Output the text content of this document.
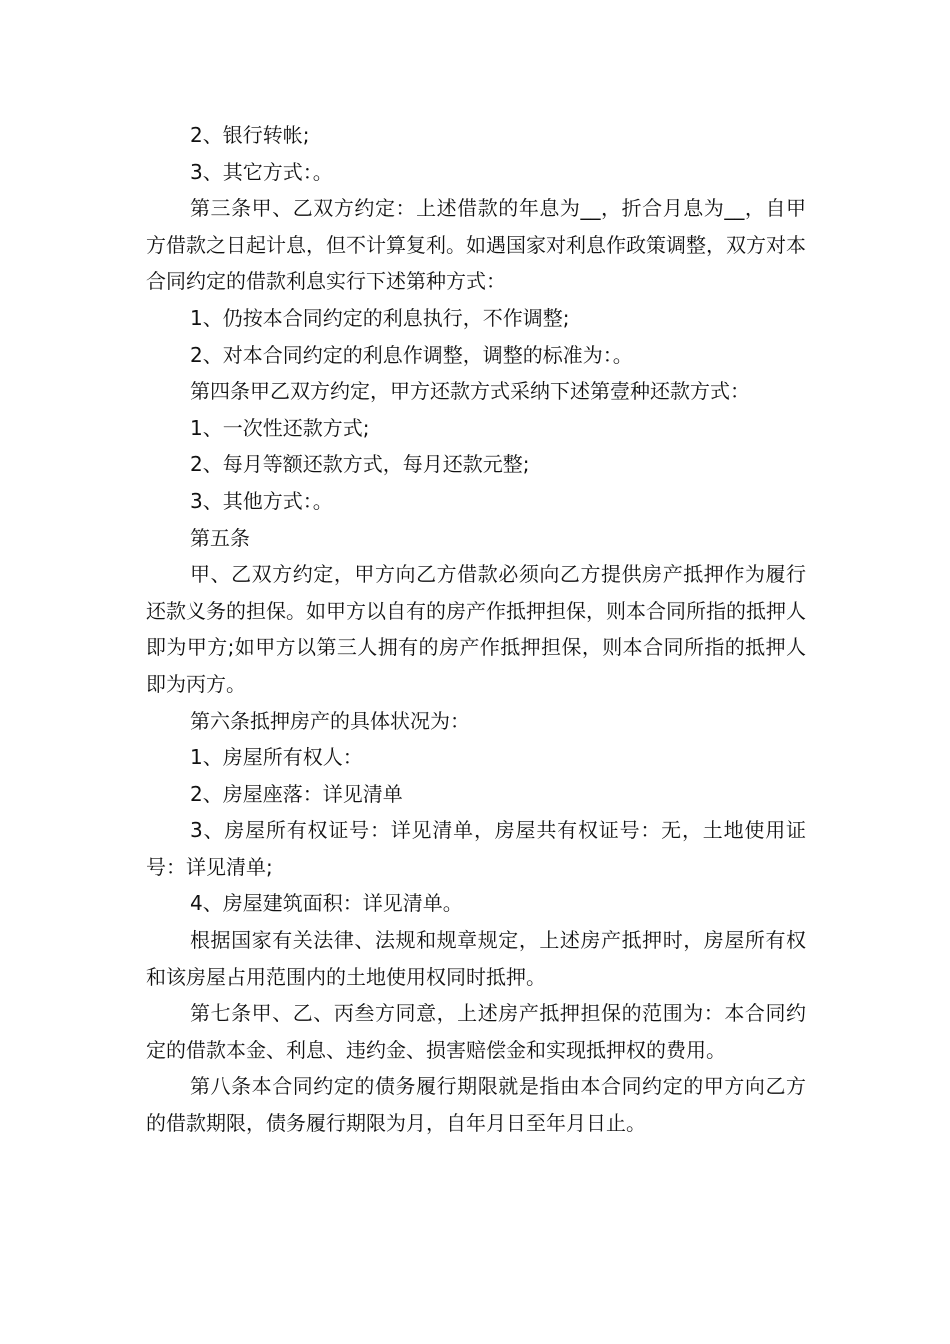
2、银行转帐;

3、其它方式：。

第三条甲、乙双方约定：上述借款的年息为__，折合月息为__，自甲方借款之日起计息，但不计算复利。如遇国家对利息作政策调整，双方对本合同约定的借款利息实行下述第种方式：

1、仍按本合同约定的利息执行，不作调整;

2、对本合同约定的利息作调整，调整的标准为：。

第四条甲乙双方约定，甲方还款方式采纳下述第壹种还款方式：

1、一次性还款方式;

2、每月等额还款方式，每月还款元整;

3、其他方式：。

第五条

甲、乙双方约定，甲方向乙方借款必须向乙方提供房产抵押作为履行还款义务的担保。如甲方以自有的房产作抵押担保，则本合同所指的抵押人即为甲方;如甲方以第三人拥有的房产作抵押担保，则本合同所指的抵押人即为丙方。

第六条抵押房产的具体状况为：

1、房屋所有权人：

2、房屋座落：详见清单

3、房屋所有权证号：详见清单，房屋共有权证号：无，土地使用证号：详见清单;

4、房屋建筑面积：详见清单。

根据国家有关法律、法规和规章规定，上述房产抵押时，房屋所有权和该房屋占用范围内的土地使用权同时抵押。

第七条甲、乙、丙叁方同意，上述房产抵押担保的范围为：本合同约定的借款本金、利息、违约金、损害赔偿金和实现抵押权的费用。

第八条本合同约定的债务履行期限就是指由本合同约定的甲方向乙方的借款期限，债务履行期限为月，自年月日至年月日止。
